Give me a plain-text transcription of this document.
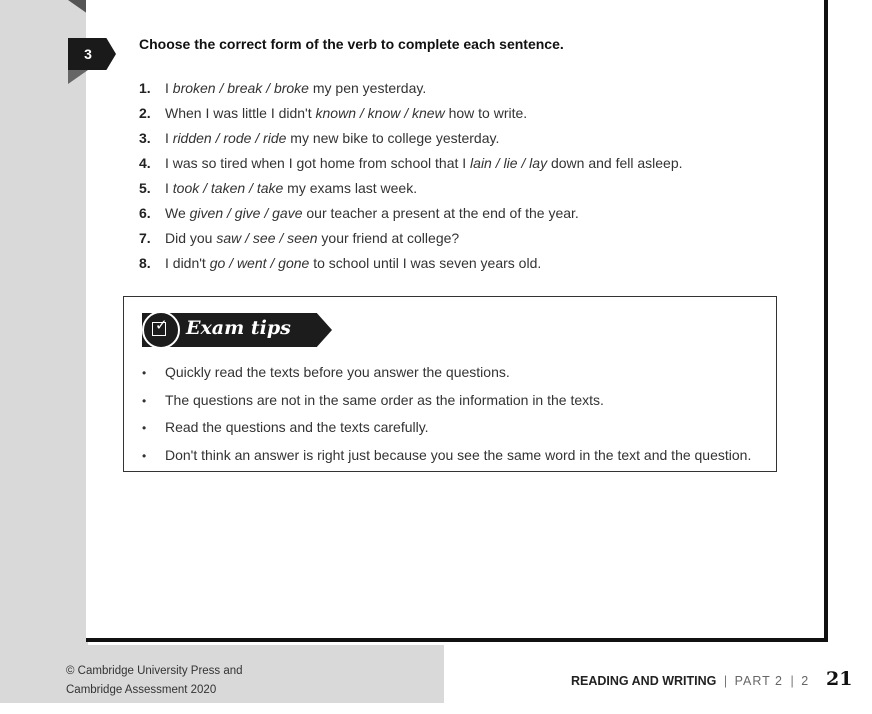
3
Choose the correct form of the verb to complete each sentence.
1. I broken / break / broke my pen yesterday.
2. When I was little I didn't known / know / knew how to write.
3. I ridden / rode / ride my new bike to college yesterday.
4. I was so tired when I got home from school that I lain / lie / lay down and fell asleep.
5. I took / taken / take my exams last week.
6. We given / give / gave our teacher a present at the end of the year.
7. Did you saw / see / seen your friend at college?
8. I didn't go / went / gone to school until I was seven years old.
✓ Exam tips
• Quickly read the texts before you answer the questions.
• The questions are not in the same order as the information in the texts.
• Read the questions and the texts carefully.
• Don't think an answer is right just because you see the same word in the text and the question.
© Cambridge University Press and
Cambridge Assessment 2020
READING AND WRITING | PART 2 | 2 21
